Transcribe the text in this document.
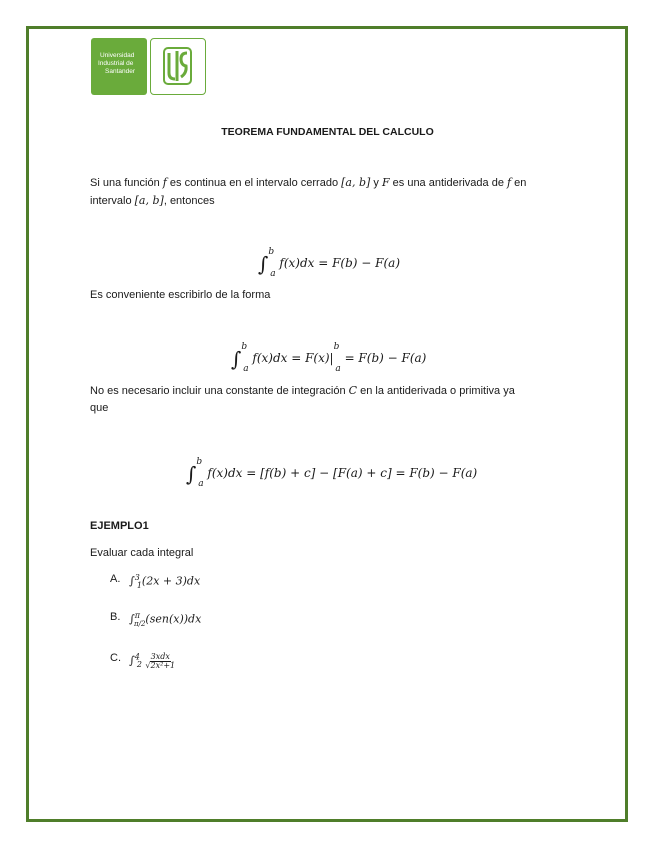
Universidad
Industrial de
Santander
TEOREMA FUNDAMENTAL DEL CALCULO
Si una función f es continua en el intervalo cerrado [a, b] y F es una antiderivada de f en
intervalo [a, b], entonces
∫$^b_a$ f(x)dx = F(b) − F(a)
Es conveniente escribirlo de la forma
∫$^b_a$ $f(x)dx = F(x)|^b_a = F(b) - F(a)$
No es necesario incluir una constante de integración C en la antiderivada o primitiva ya
que
∫$^b_a$ f(x)dx = [f(b) + c] − [F(a) + c] = F(b) − F(a)
EJEMPLO1
Evaluar cada integral
A. ∫$^3_1$(2x + 3)dx
B. ∫$^\pi_{\pi/2}$(sen(x))dx
C. $\int^4_2 \frac{\text{3xdx}}{\text{√2x²+1}}$
